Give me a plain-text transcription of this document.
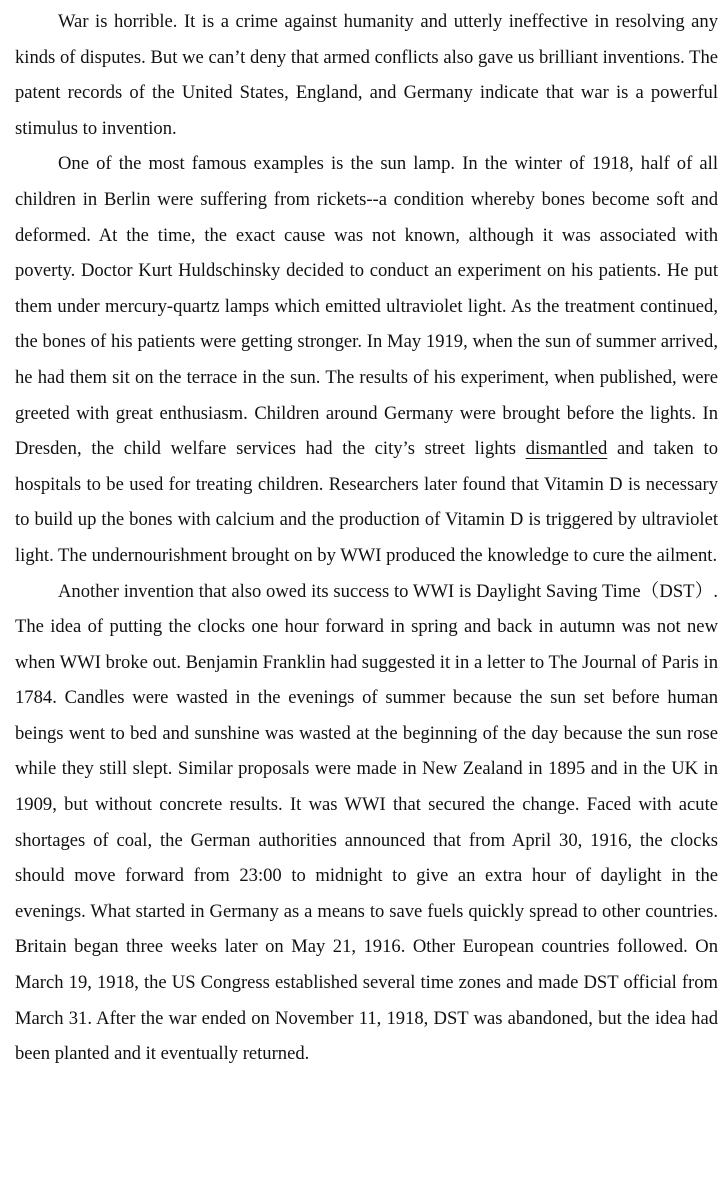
War is horrible. It is a crime against humanity and utterly ineffective in resolving any kinds of disputes. But we can’t deny that armed conflicts also gave us brilliant inventions. The patent records of the United States, England, and Germany indicate that war is a powerful stimulus to invention.

One of the most famous examples is the sun lamp. In the winter of 1918, half of all children in Berlin were suffering from rickets--a condition whereby bones become soft and deformed. At the time, the exact cause was not known, although it was associated with poverty. Doctor Kurt Huldschinsky decided to conduct an experiment on his patients. He put them under mercury-quartz lamps which emitted ultraviolet light. As the treatment continued, the bones of his patients were getting stronger. In May 1919, when the sun of summer arrived, he had them sit on the terrace in the sun. The results of his experiment, when published, were greeted with great enthusiasm. Children around Germany were brought before the lights. In Dresden, the child welfare services had the city’s street lights dismantled and taken to hospitals to be used for treating children. Researchers later found that Vitamin D is necessary to build up the bones with calcium and the production of Vitamin D is triggered by ultraviolet light. The undernourishment brought on by WWI produced the knowledge to cure the ailment.

Another invention that also owed its success to WWI is Daylight Saving Time（DST）. The idea of putting the clocks one hour forward in spring and back in autumn was not new when WWI broke out. Benjamin Franklin had suggested it in a letter to The Journal of Paris in 1784. Candles were wasted in the evenings of summer because the sun set before human beings went to bed and sunshine was wasted at the beginning of the day because the sun rose while they still slept. Similar proposals were made in New Zealand in 1895 and in the UK in 1909, but without concrete results. It was WWI that secured the change. Faced with acute shortages of coal, the German authorities announced that from April 30, 1916, the clocks should move forward from 23:00 to midnight to give an extra hour of daylight in the evenings. What started in Germany as a means to save fuels quickly spread to other countries. Britain began three weeks later on May 21, 1916. Other European countries followed. On March 19, 1918, the US Congress established several time zones and made DST official from March 31. After the war ended on November 11, 1918, DST was abandoned, but the idea had been planted and it eventually returned.
